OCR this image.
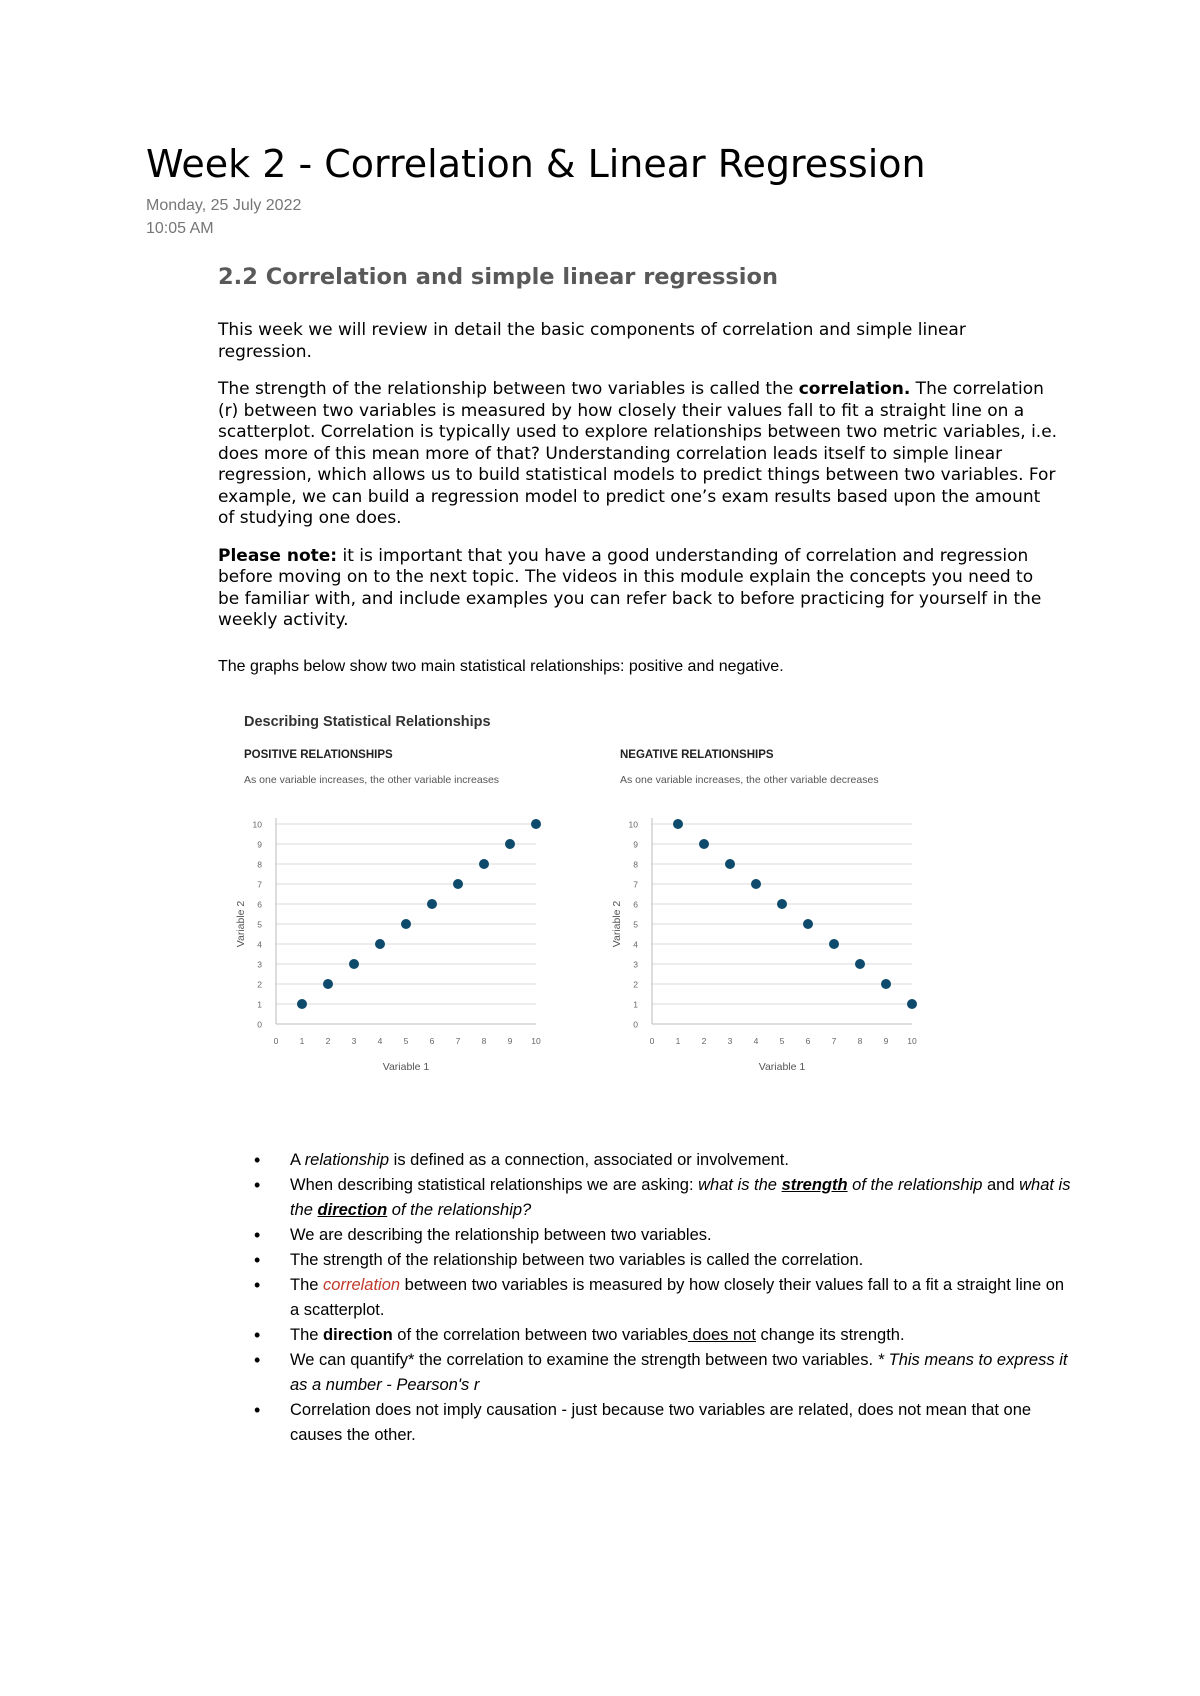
Week 2 - Correlation & Linear Regression
Monday, 25 July 2022
10:05 AM
2.2 Correlation and simple linear regression

This week we will review in detail the basic components of correlation and simple linear regression.

The strength of the relationship between two variables is called the correlation. The correlation (r) between two variables is measured by how closely their values fall to fit a straight line on a scatterplot. Correlation is typically used to explore relationships between two metric variables, i.e. does more of this mean more of that? Understanding correlation leads itself to simple linear regression, which allows us to build statistical models to predict things between two variables. For example, we can build a regression model to predict one’s exam results based upon the amount of studying one does.

Please note: it is important that you have a good understanding of correlation and regression before moving on to the next topic. The videos in this module explain the concepts you need to be familiar with, and include examples you can refer back to before practicing for yourself in the weekly activity.

The graphs below show two main statistical relationships: positive and negative.

Describing Statistical Relationships
POSITIVE RELATIONSHIPS
As one variable increases, the other variable increases
0
1
2
3
4
5
6
7
8
9
10
0	1	2	3	4	5	6	7	8	9 10
Variable 1
Variable 2
NEGATIVE RELATIONSHIPS
As one variable increases, the other variable decreases
0
1
2
3
4
5
6
7
8
9
10
0	1	2	3	4	5	6	7	8	9 10
Variable 1
Variable 2
• A relationship is defined as a connection, associated or involvement.
• When describing statistical relationships we are asking: what is the strength of the relationship and what is the direction of the relationship?
• We are describing the relationship between two variables.
• The strength of the relationship between two variables is called the correlation.
• The correlation between two variables is measured by how closely their values fall to a fit a straight line on a scatterplot.
• The direction of the correlation between two variables does not change its strength.
• We can quantify* the correlation to examine the strength between two variables. * This means to express it as a number - Pearson's r
• Correlation does not imply causation - just because two variables are related, does not mean that one causes the other.
